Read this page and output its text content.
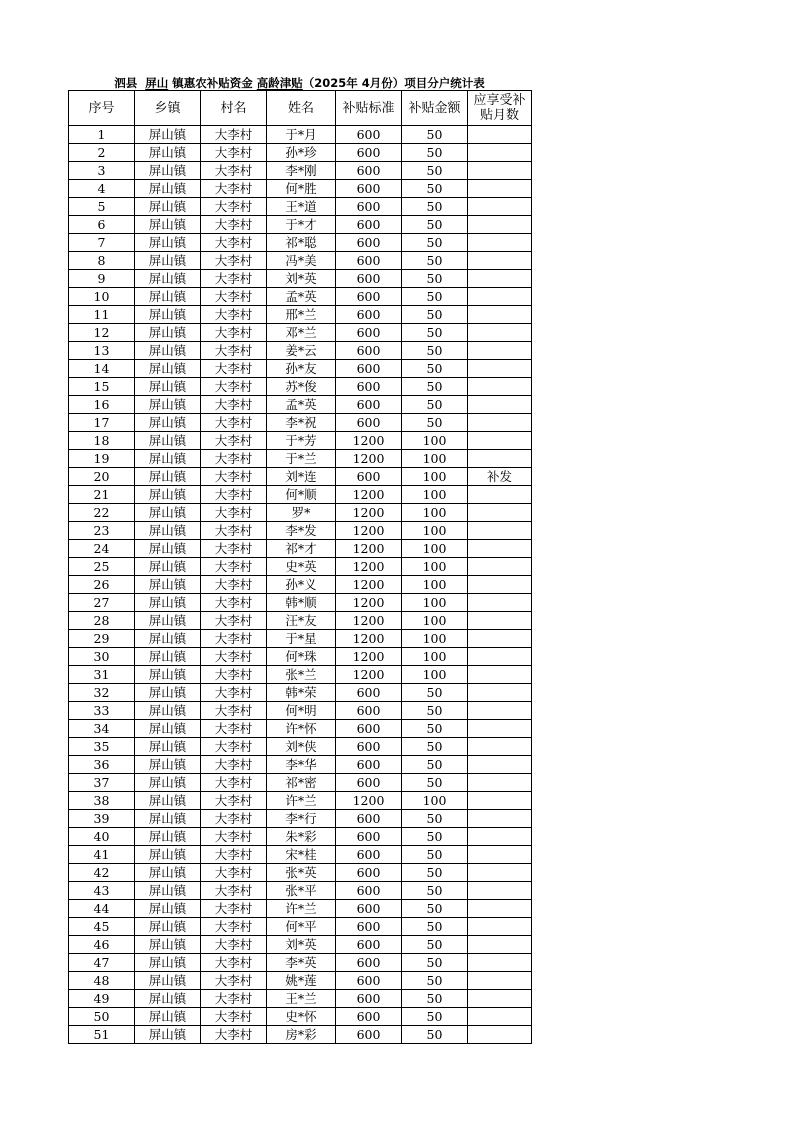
泗县 屏山 镇惠农补贴资金 高龄津贴（2025年 4月份）项目分户统计表
序号	乡镇	村名	姓名	补贴标准	补贴金额	应享受补贴月数
1	屏山镇	大李村	于*月	600	50	
2	屏山镇	大李村	孙*珍	600	50	
3	屏山镇	大李村	李*刚	600	50	
4	屏山镇	大李村	何*胜	600	50	
5	屏山镇	大李村	王*道	600	50	
6	屏山镇	大李村	于*才	600	50	
7	屏山镇	大李村	祁*聪	600	50	
8	屏山镇	大李村	冯*美	600	50	
9	屏山镇	大李村	刘*英	600	50	
10	屏山镇	大李村	孟*英	600	50	
11	屏山镇	大李村	邢*兰	600	50	
12	屏山镇	大李村	邓*兰	600	50	
13	屏山镇	大李村	姜*云	600	50	
14	屏山镇	大李村	孙*友	600	50	
15	屏山镇	大李村	苏*俊	600	50	
16	屏山镇	大李村	孟*英	600	50	
17	屏山镇	大李村	李*祝	600	50	
18	屏山镇	大李村	于*芳	1200	100	
19	屏山镇	大李村	于*兰	1200	100	
20	屏山镇	大李村	刘*连	600	100	补发
21	屏山镇	大李村	何*顺	1200	100	
22	屏山镇	大李村	罗*	1200	100	
23	屏山镇	大李村	李*发	1200	100	
24	屏山镇	大李村	祁*才	1200	100	
25	屏山镇	大李村	史*英	1200	100	
26	屏山镇	大李村	孙*义	1200	100	
27	屏山镇	大李村	韩*顺	1200	100	
28	屏山镇	大李村	汪*友	1200	100	
29	屏山镇	大李村	于*星	1200	100	
30	屏山镇	大李村	何*珠	1200	100	
31	屏山镇	大李村	张*兰	1200	100	
32	屏山镇	大李村	韩*荣	600	50	
33	屏山镇	大李村	何*明	600	50	
34	屏山镇	大李村	许*怀	600	50	
35	屏山镇	大李村	刘*侠	600	50	
36	屏山镇	大李村	李*华	600	50	
37	屏山镇	大李村	祁*密	600	50	
38	屏山镇	大李村	许*兰	1200	100	
39	屏山镇	大李村	李*行	600	50	
40	屏山镇	大李村	朱*彩	600	50	
41	屏山镇	大李村	宋*桂	600	50	
42	屏山镇	大李村	张*英	600	50	
43	屏山镇	大李村	张*平	600	50	
44	屏山镇	大李村	许*兰	600	50	
45	屏山镇	大李村	何*平	600	50	
46	屏山镇	大李村	刘*英	600	50	
47	屏山镇	大李村	李*英	600	50	
48	屏山镇	大李村	姚*莲	600	50	
49	屏山镇	大李村	王*兰	600	50	
50	屏山镇	大李村	史*怀	600	50	
51	屏山镇	大李村	房*彩	600	50	
